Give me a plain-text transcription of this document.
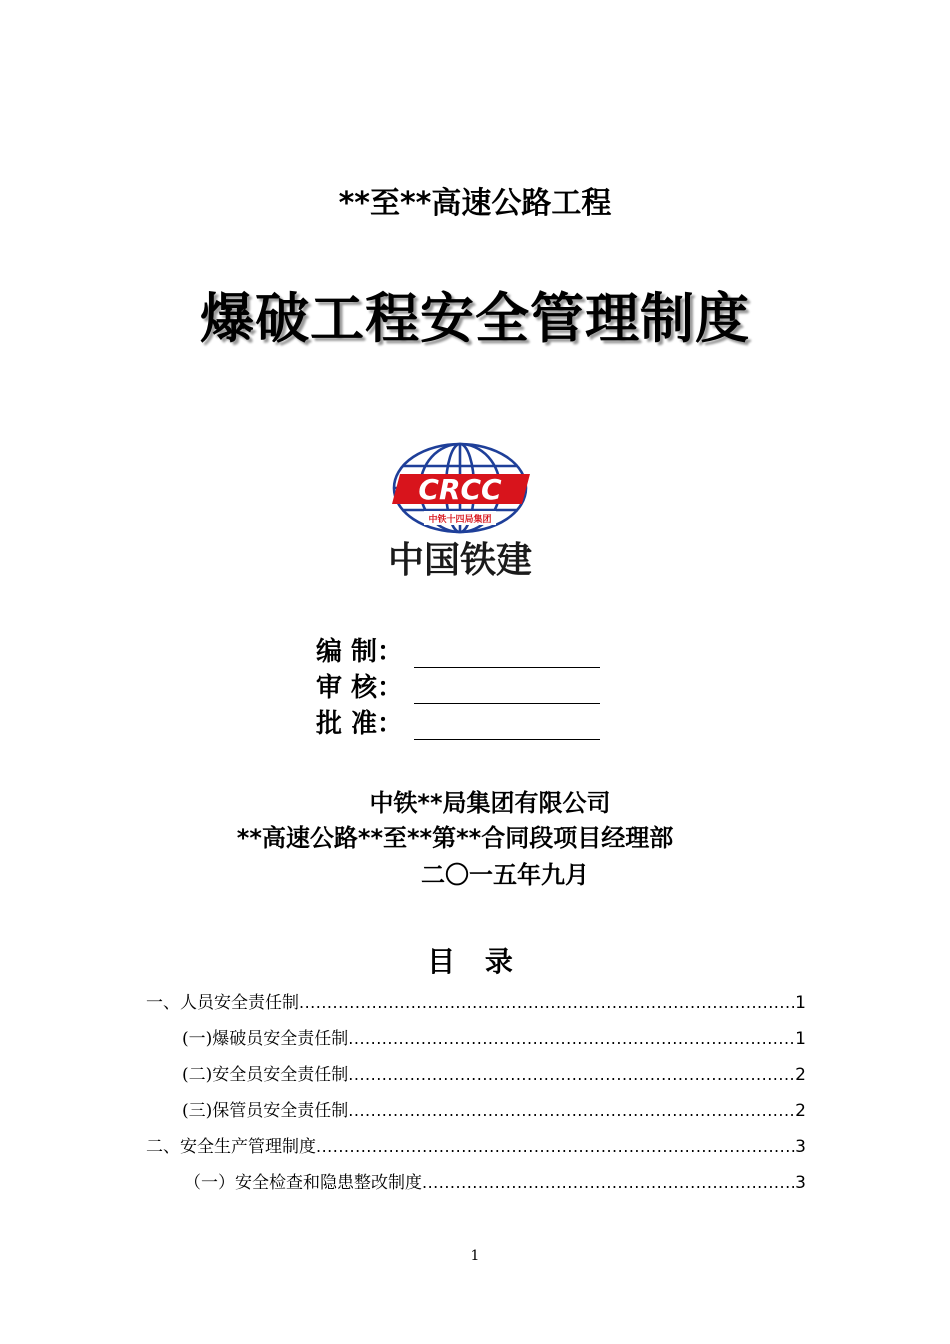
**至**高速公路工程
爆破工程安全管理制度
CRCC
中铁十四局集团
中国铁建
编 制：
审 核：
批 准：
中铁**局集团有限公司
**高速公路**至**第**合同段项目经理部
二〇一五年九月
目 录
一、人员安全责任制 .....	1
(一)爆破员安全责任制 .....	1
(二)安全员安全责任制 .....	2
(三)保管员安全责任制 .....	2
二、安全生产管理制度 .....	3
（一）安全检查和隐患整改制度 .....	3
1
